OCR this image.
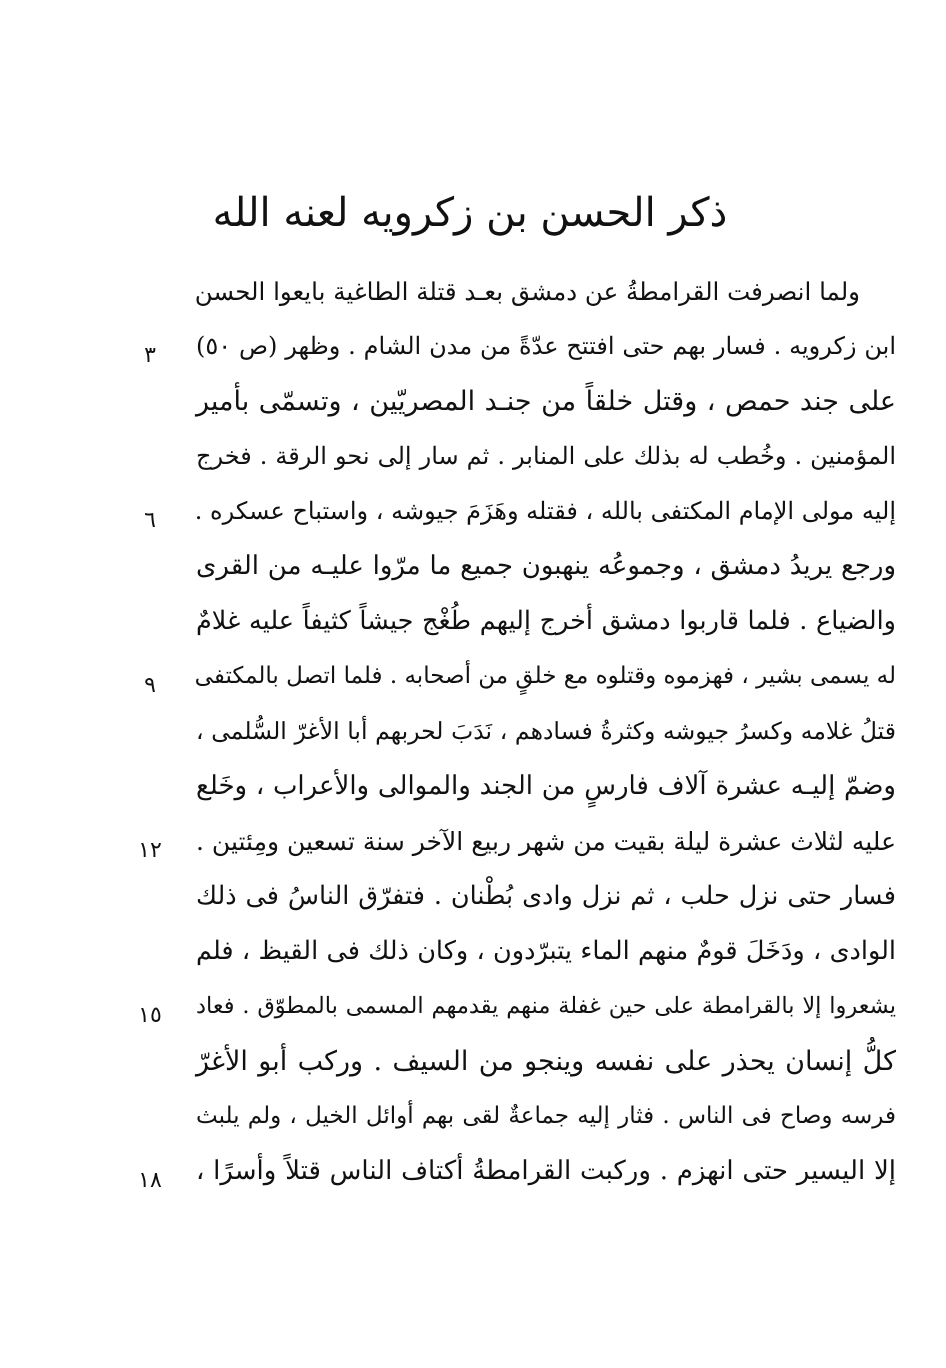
ذكر الحسن بن زكرويه لعنه الله
ولما انصرفت القرامطةُ عن دمشق بعـد قتلة الطاغية بايعوا الحسن
ابن زكرويه . فسار بهم حتى افتتح عدّةً من مدن الشام . وظهر (ص ٥٠)
على جند حمص ، وقتل خلقاً من جنـد المصريّين ، وتسمّى بأمير
المؤمنين . وخُطب له بذلك على المنابر . ثم سار إلى نحو الرقة . فخرج
إليه مولى الإمام المكتفى بالله ، فقتله وهَزَمَ جيوشه ، واستباح عسكره .
ورجع يريدُ دمشق ، وجموعُه ينهبون جميع ما مرّوا عليـه من القرى
والضياع . فلما قاربوا دمشق أخرج إليهم طُغْج جيشاً كثيفاً عليه غلامٌ
له يسمى بشير ، فهزموه وقتلوه مع خلقٍ من أصحابه . فلما اتصل بالمكتفى
قتلُ غلامه وكسرُ جيوشه وكثرةُ فسادهم ، نَدَبَ لحربهم أبا الأغرّ السُّلمى ،
وضمّ إليـه عشرة آلاف فارسٍ من الجند والموالى والأعراب ، وخَلع
عليه لثلاث عشرة ليلة بقيت من شهر ربيع الآخر سنة تسعين ومِئتين .
فسار حتى نزل حلب ، ثم نزل وادى بُطْنان . فتفرّق الناسُ فى ذلك
الوادى ، ودَخَلَ قومٌ منهم الماء يتبرّدون ، وكان ذلك فى القيظ ، فلم
يشعروا إلا بالقرامطة على حين غفلة منهم يقدمهم المسمى بالمطوّق . فعاد
كلُّ إنسان يحذر على نفسه وينجو من السيف . وركب أبو الأغرّ
فرسه وصاح فى الناس . فثار إليه جماعةٌ لقى بهم أوائل الخيل ، ولم يلبث
إلا اليسير حتى انهزم . وركبت القرامطةُ أكتاف الناس قتلاً وأسرًا ،
٣
٦
٩
١٢
١٥
١٨
